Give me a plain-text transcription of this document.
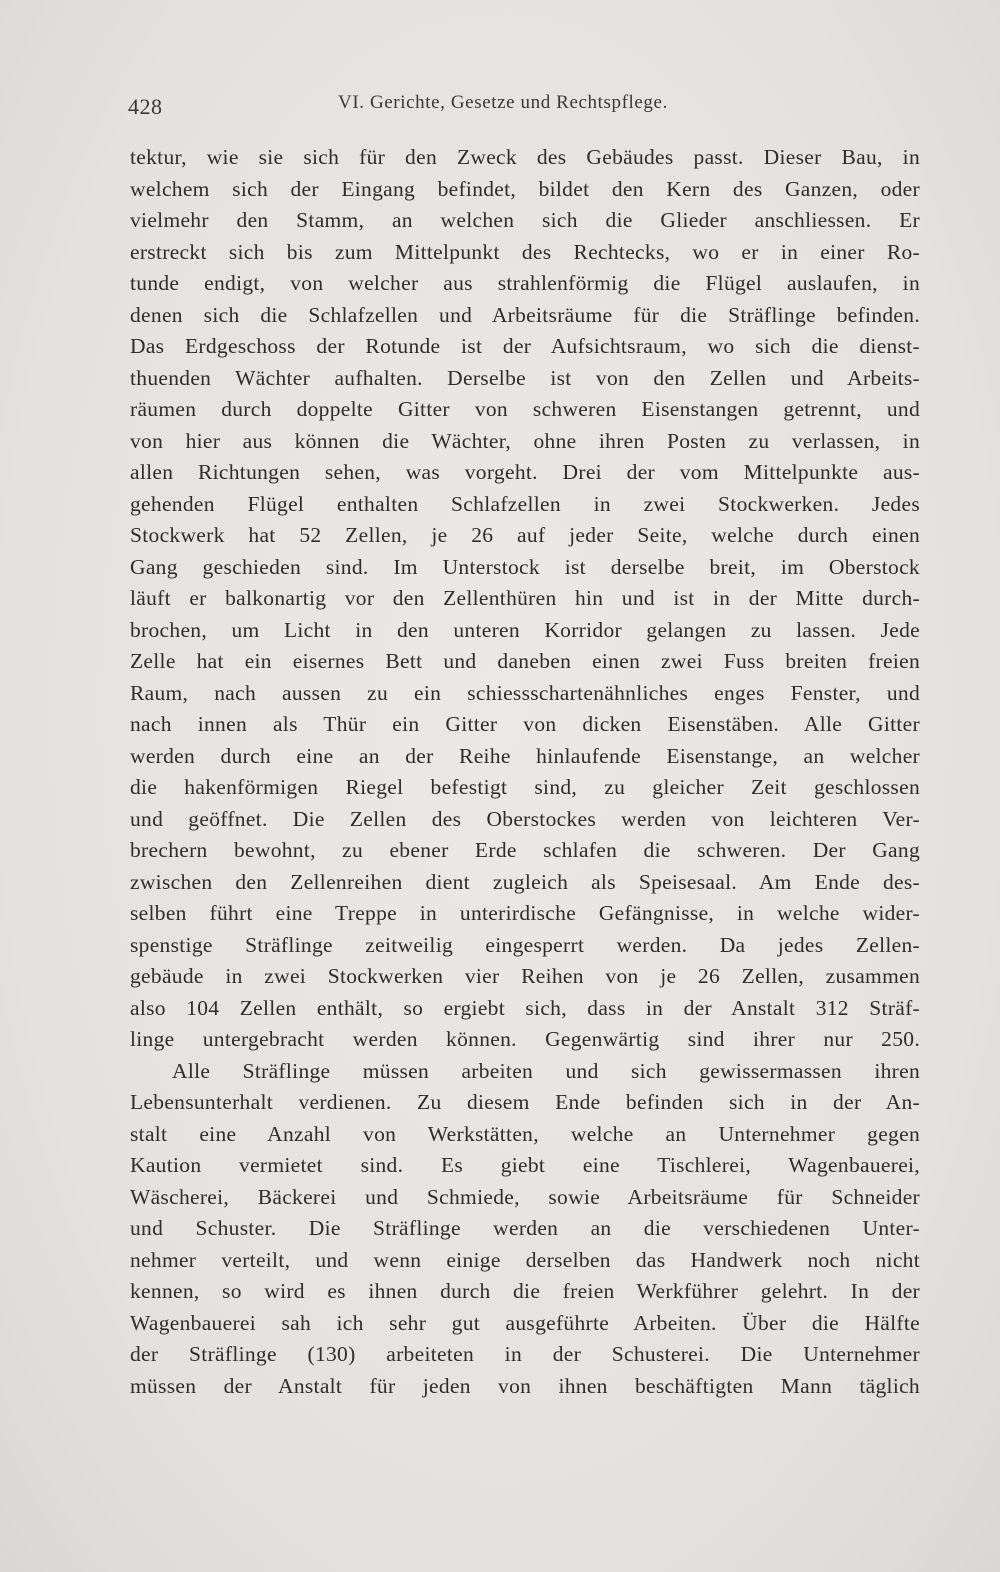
428	VI. Gerichte, Gesetze und Rechtspflege.
tektur, wie sie sich für den Zweck des Gebäudes passt. Dieser Bau, in
welchem sich der Eingang befindet, bildet den Kern des Ganzen, oder
vielmehr den Stamm, an welchen sich die Glieder anschliessen. Er
erstreckt sich bis zum Mittelpunkt des Rechtecks, wo er in einer Ro-
tunde endigt, von welcher aus strahlenförmig die Flügel auslaufen, in
denen sich die Schlafzellen und Arbeitsräume für die Sträflinge befinden.
Das Erdgeschoss der Rotunde ist der Aufsichtsraum, wo sich die dienst-
thuenden Wächter aufhalten. Derselbe ist von den Zellen und Arbeits-
räumen durch doppelte Gitter von schweren Eisenstangen getrennt, und
von hier aus können die Wächter, ohne ihren Posten zu verlassen, in
allen Richtungen sehen, was vorgeht. Drei der vom Mittelpunkte aus-
gehenden Flügel enthalten Schlafzellen in zwei Stockwerken. Jedes
Stockwerk hat 52 Zellen, je 26 auf jeder Seite, welche durch einen
Gang geschieden sind. Im Unterstock ist derselbe breit, im Oberstock
läuft er balkonartig vor den Zellenthüren hin und ist in der Mitte durch-
brochen, um Licht in den unteren Korridor gelangen zu lassen. Jede
Zelle hat ein eisernes Bett und daneben einen zwei Fuss breiten freien
Raum, nach aussen zu ein schiessschartenähnliches enges Fenster, und
nach innen als Thür ein Gitter von dicken Eisenstäben. Alle Gitter
werden durch eine an der Reihe hinlaufende Eisenstange, an welcher
die hakenförmigen Riegel befestigt sind, zu gleicher Zeit geschlossen
und geöffnet. Die Zellen des Oberstockes werden von leichteren Ver-
brechern bewohnt, zu ebener Erde schlafen die schweren. Der Gang
zwischen den Zellenreihen dient zugleich als Speisesaal. Am Ende des-
selben führt eine Treppe in unterirdische Gefängnisse, in welche wider-
spenstige Sträflinge zeitweilig eingesperrt werden. Da jedes Zellen-
gebäude in zwei Stockwerken vier Reihen von je 26 Zellen, zusammen
also 104 Zellen enthält, so ergiebt sich, dass in der Anstalt 312 Sträf-
linge untergebracht werden können. Gegenwärtig sind ihrer nur 250.
Alle Sträflinge müssen arbeiten und sich gewissermassen ihren
Lebensunterhalt verdienen. Zu diesem Ende befinden sich in der An-
stalt eine Anzahl von Werkstätten, welche an Unternehmer gegen
Kaution vermietet sind. Es giebt eine Tischlerei, Wagenbauerei,
Wäscherei, Bäckerei und Schmiede, sowie Arbeitsräume für Schneider
und Schuster. Die Sträflinge werden an die verschiedenen Unter-
nehmer verteilt, und wenn einige derselben das Handwerk noch nicht
kennen, so wird es ihnen durch die freien Werkführer gelehrt. In der
Wagenbauerei sah ich sehr gut ausgeführte Arbeiten. Über die Hälfte
der Sträflinge (130) arbeiteten in der Schusterei. Die Unternehmer
müssen der Anstalt für jeden von ihnen beschäftigten Mann täglich
